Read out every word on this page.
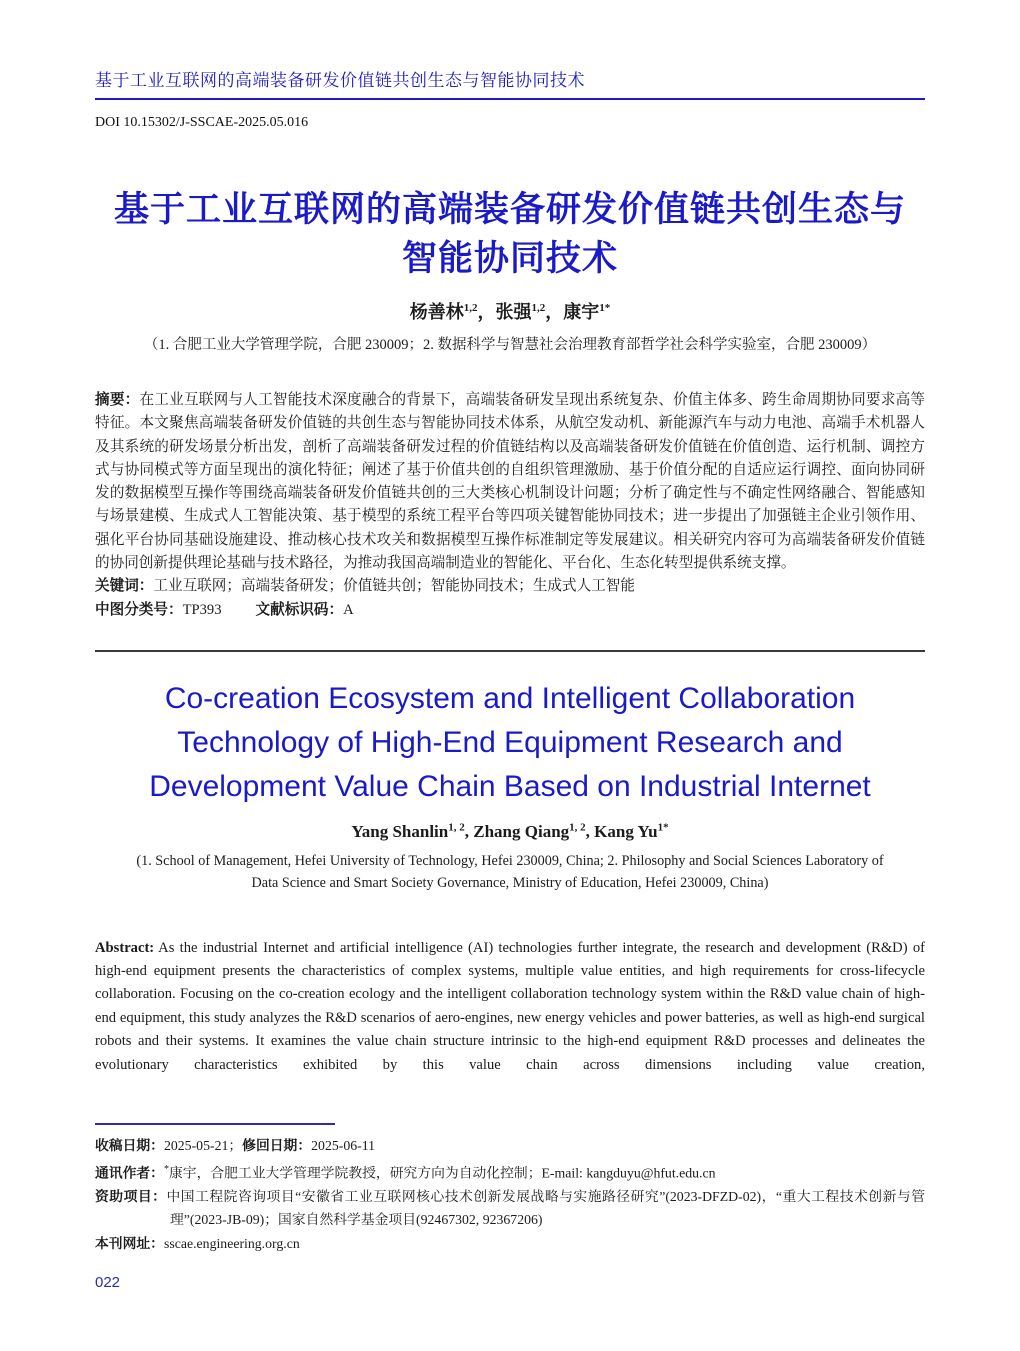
基于工业互联网的高端装备研发价值链共创生态与智能协同技术
DOI 10.15302/J-SSCAE-2025.05.016
基于工业互联网的高端装备研发价值链共创生态与
智能协同技术
杨善林$^{1,2}$，张强$^{1,2}$，康宇$^{1*}$
（1. 合肥工业大学管理学院，合肥 230009；2. 数据科学与智慧社会治理教育部哲学社会科学实验室，合肥 230009）

摘要：在工业互联网与人工智能技术深度融合的背景下，高端装备研发呈现出系统复杂、价值主体多、跨生命周期协同要求高等特征。本文聚焦高端装备研发价值链的共创生态与智能协同技术体系，从航空发动机、新能源汽车与动力电池、高端手术机器人及其系统的研发场景分析出发，剖析了高端装备研发过程的价值链结构以及高端装备研发价值链在价值创造、运行机制、调控方式与协同模式等方面呈现出的演化特征；阐述了基于价值共创的自组织管理激励、基于价值分配的自适应运行调控、面向协同研发的数据模型互操作等围绕高端装备研发价值链共创的三大类核心机制设计问题；分析了确定性与不确定性网络融合、智能感知与场景建模、生成式人工智能决策、基于模型的系统工程平台等四项关键智能协同技术；进一步提出了加强链主企业引领作用、强化平台协同基础设施建设、推动核心技术攻关和数据模型互操作标准制定等发展建议。相关研究内容可为高端装备研发价值链的协同创新提供理论基础与技术路径，为推动我国高端制造业的智能化、平台化、生态化转型提供系统支撑。

关键词：工业互联网；高端装备研发；价值链共创；智能协同技术；生成式人工智能

中图分类号：TP393 文献标识码：A

Co-creation Ecosystem and Intelligent Collaboration
Technology of High-End Equipment Research and
Development Value Chain Based on Industrial Internet
Yang Shanlin$^{1, 2}$, Zhang Qiang$^{1, 2}$, Kang $Yu^{1*}$
(1. School of Management, Hefei University of Technology, Hefei 230009, China; 2. Philosophy and Social Sciences Laboratory of
Data Science and Smart Society Governance, Ministry of Education, Hefei 230009, China)

Abstract: As the industrial Internet and artificial intelligence (AI) technologies further integrate, the research and development (R&D) of high-end equipment presents the characteristics of complex systems, multiple value entities, and high requirements for cross-lifecycle collaboration. Focusing on the co-creation ecology and the intelligent collaboration technology system within the R&D value chain of high-end equipment, this study analyzes the R&D scenarios of aero-engines, new energy vehicles and power batteries, as well as high-end surgical robots and their systems. It examines the value chain structure intrinsic to the high-end equipment R&D processes and delineates the evolutionary characteristics exhibited by this value chain across dimensions including value creation,

收稿日期：2025-05-21；修回日期：2025-06-11

通讯作者：*康宇，合肥工业大学管理学院教授，研究方向为自动化控制；E-mail: kangduyu@hfut.edu.cn

资助项目：中国工程院咨询项目“安徽省工业互联网核心技术创新发展战略与实施路径研究”(2023-DFZD-02)，“重大工程技术创新与管理”(2023-JB-09)；国家自然科学基金项目(92467302, 92367206)

本刊网址：sscae.engineering.org.cn

022
